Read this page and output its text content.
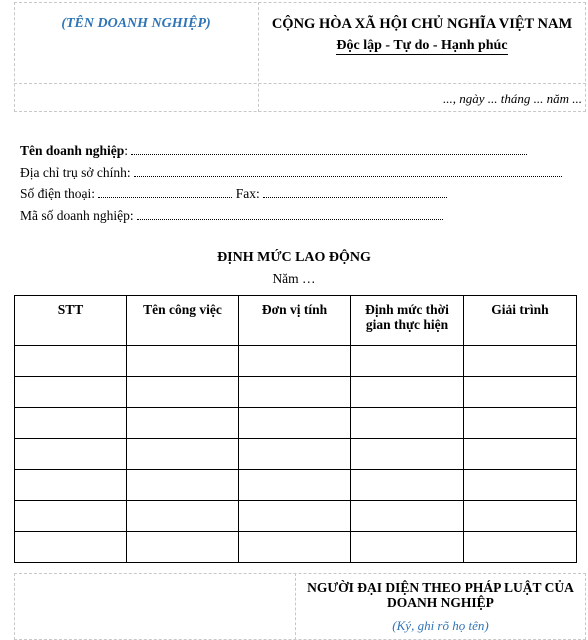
(TÊN DOANH NGHIỆP)	CỘNG HÒA XÃ HỘI CHỦ NGHĨA VIỆT NAM
Độc lập - Tự do - Hạnh phúc
..., ngày ... tháng ... năm ...
Tên doanh nghiệp:
Địa chỉ trụ sở chính:
Số điện thoại:	Fax:
Mã số doanh nghiệp:
ĐỊNH MỨC LAO ĐỘNG
Năm …
STT	Tên công việc	Đơn vị tính	Định mức thời gian thực hiện	Giải trình

NGƯỜI ĐẠI DIỆN THEO PHÁP LUẬT CỦA DOANH NGHIỆP
(Ký, ghi rõ họ tên)
